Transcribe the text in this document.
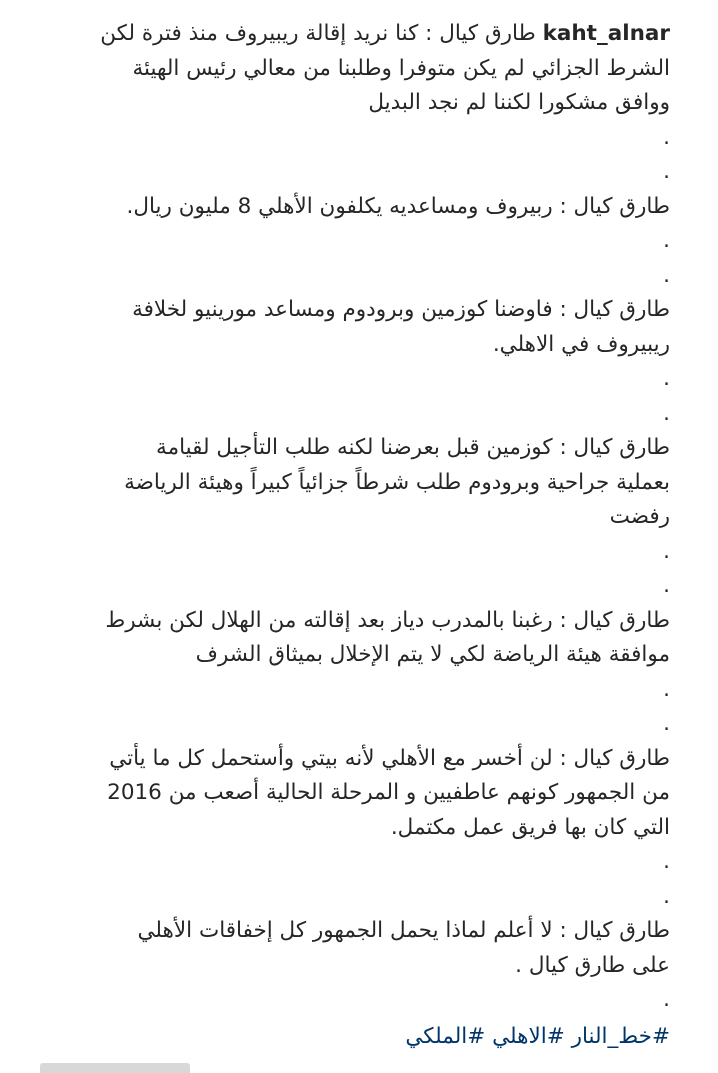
kaht_alnar طارق كيال : كنا نريد إقالة ريبيروف منذ فترة لكن
الشرط الجزائي لم يكن متوفرا وطلبنا من معالي رئيس الهيئة
ووافق مشكورا لكننا لم نجد البديل
.
.
طارق كيال : ربيروف ومساعديه يكلفون الأهلي 8 مليون ريال.
.
.
طارق كيال : فاوضنا كوزمين وبرودوم ومساعد مورينيو لخلافة
ريبيروف في الاهلي.
.
.
طارق كيال : كوزمين قبل بعرضنا لكنه طلب التأجيل لقيامة
بعملية جراحية وبرودوم طلب شرطاً جزائياً كبيراً وهيئة الرياضة
رفضت
.
.
طارق كيال : رغبنا بالمدرب دياز بعد إقالته من الهلال لكن بشرط
موافقة هيئة الرياضة لكي لا يتم الإخلال بميثاق الشرف
.
.
طارق كيال : لن أخسر مع الأهلي لأنه بيتي وأستحمل كل ما يأتي
من الجمهور كونهم عاطفيين و المرحلة الحالية أصعب من 2016
التي كان بها فريق عمل مكتمل.
.
.
طارق كيال : لا أعلم لماذا يحمل الجمهور كل إخفاقات الأهلي
على طارق كيال .
.
#خط_النار #الاهلي #الملكي
